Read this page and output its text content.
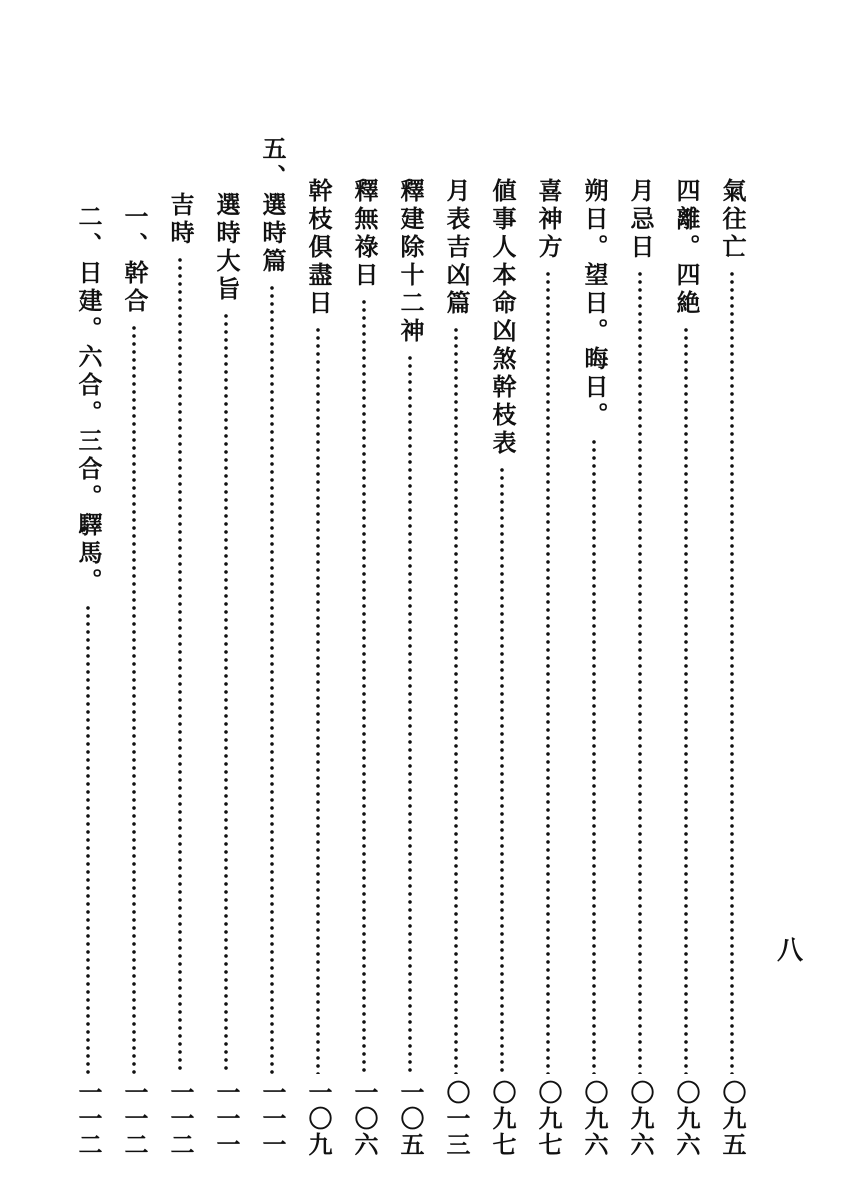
氣往亡
〇九五
四離。四絶
〇九六
月忌日
〇九六
朔日。望日。晦日。
〇九六
喜神方
〇九七
値事人本命凶煞幹枝表
〇九七
月表吉凶篇
〇一三
釋建除十二神
一〇五
釋無祿日
一〇六
幹枝俱盡日
一〇九
五、選時篇
一一一
選時大旨
一一一
吉時
一一二
一、幹合
一一二
二、日建。六合。三合。驛馬。
一一二
八
